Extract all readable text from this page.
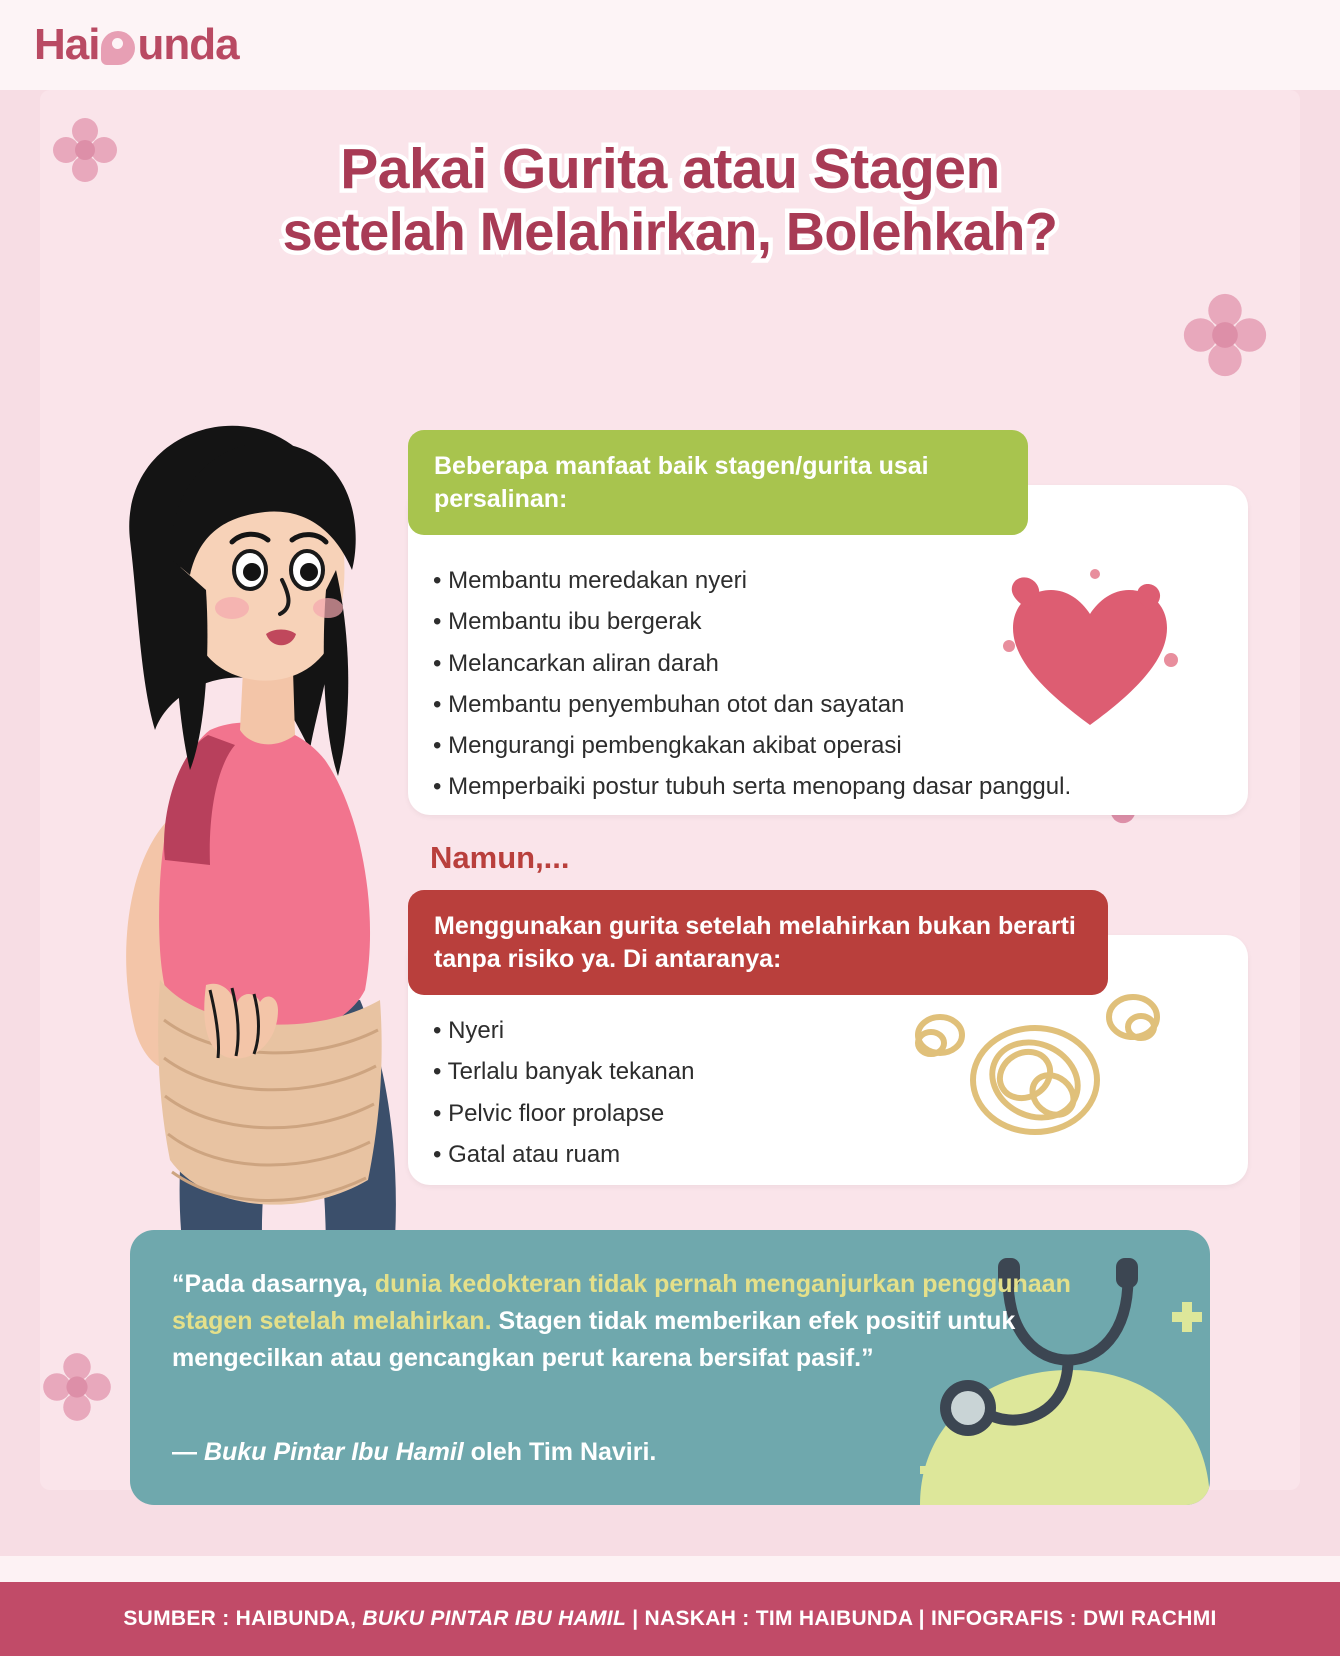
Hai unda
Pakai Gurita atau Stagen
setelah Melahirkan, Bolehkah?
Beberapa manfaat baik stagen/gurita usai persalinan:
• Membantu meredakan nyeri
• Membantu ibu bergerak
• Melancarkan aliran darah
• Membantu penyembuhan otot dan sayatan
• Mengurangi pembengkakan akibat operasi
• Memperbaiki postur tubuh serta menopang dasar panggul.
Namun,...
Menggunakan gurita setelah melahirkan bukan berarti tanpa risiko ya. Di antaranya:
• Nyeri
• Terlalu banyak tekanan
• Pelvic floor prolapse
• Gatal atau ruam
“Pada dasarnya, dunia kedokteran tidak pernah menganjurkan penggunaan stagen setelah melahirkan. Stagen tidak memberikan efek positif untuk mengecilkan atau gencangkan perut karena bersifat pasif.”
— Buku Pintar Ibu Hamil oleh Tim Naviri.
SUMBER : HAIBUNDA, BUKU PINTAR IBU HAMIL | NASKAH : TIM HAIBUNDA | INFOGRAFIS : DWI RACHMI
